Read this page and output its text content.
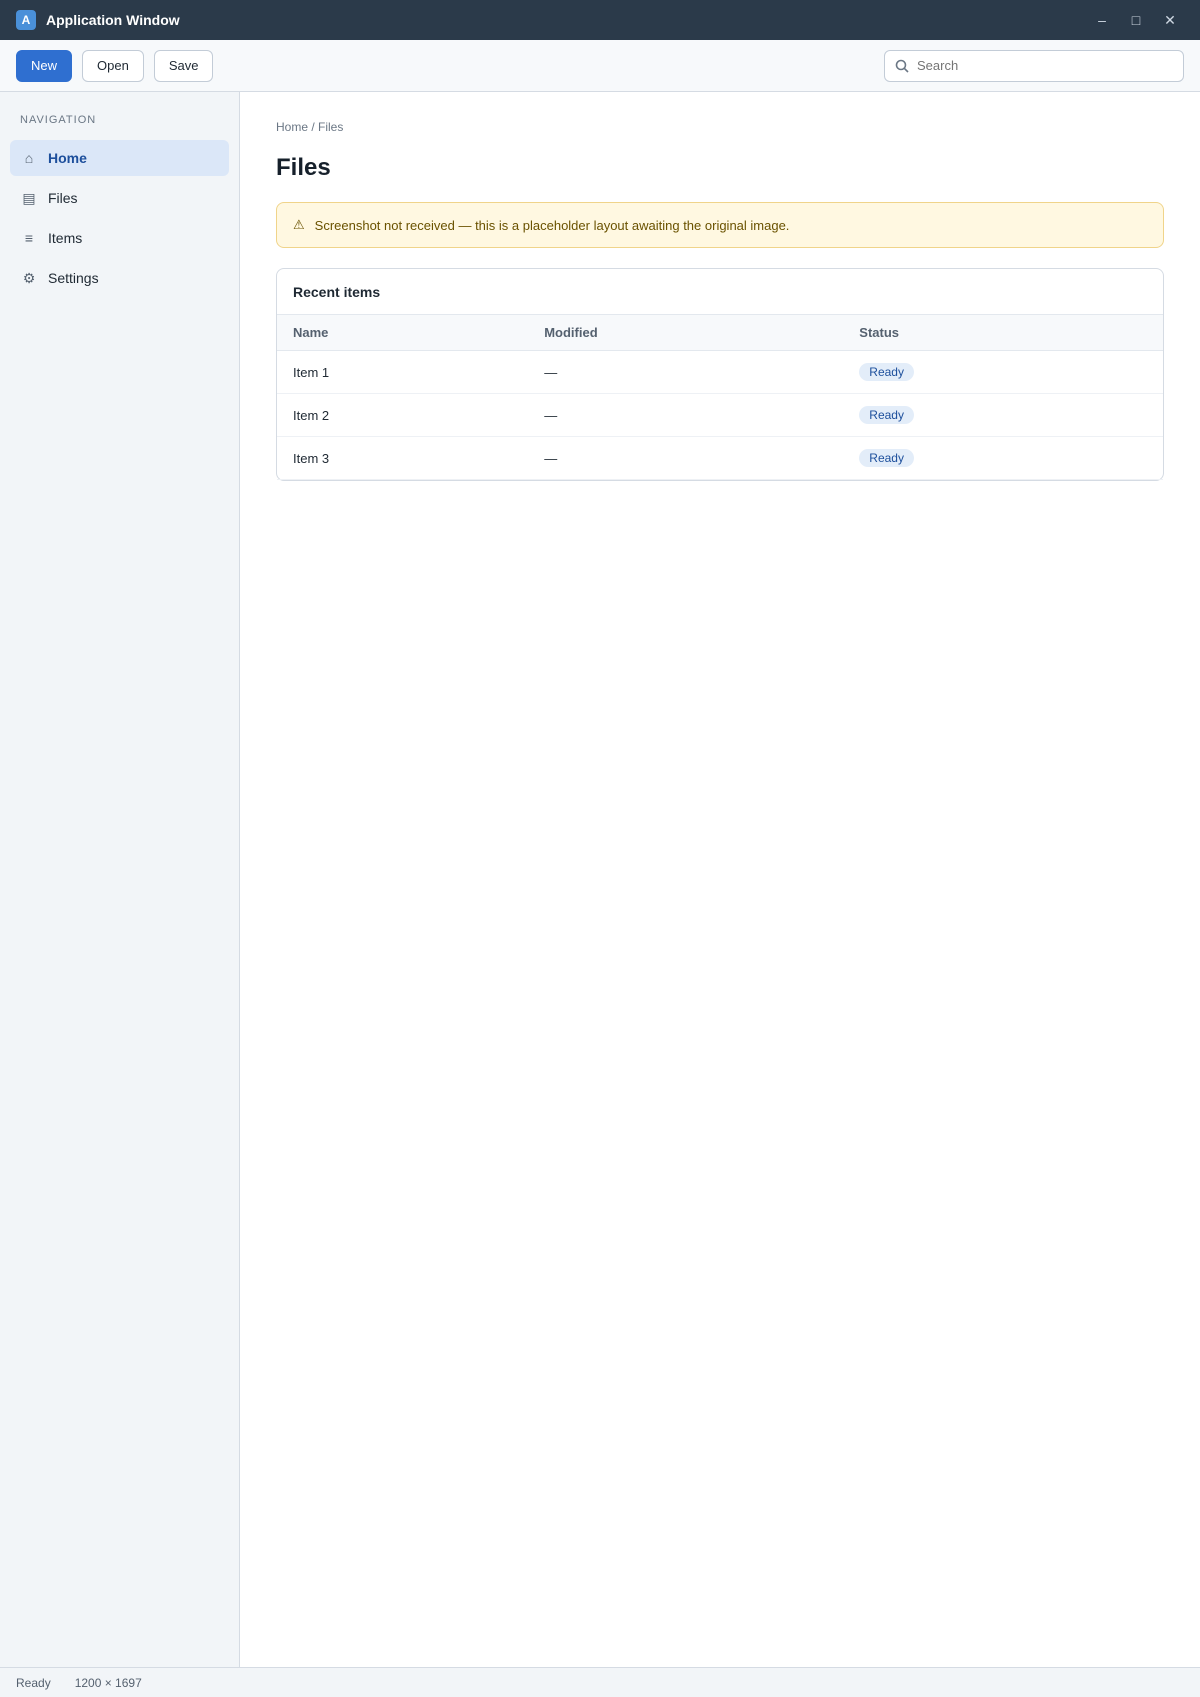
A	Application Window	–	□	✕
New	Open	Save
Search
NAVIGATION
⌂	Home
▤ Files
≡	Items
⚙ Settings
Home / Files
Files
⚠ Screenshot not received — this is a placeholder layout awaiting the original image.
Recent items
Name	Modified	Status
Item 1	—	Ready
Item 2	—	Ready
Item 3	—	Ready
Ready 1200 × 1697
